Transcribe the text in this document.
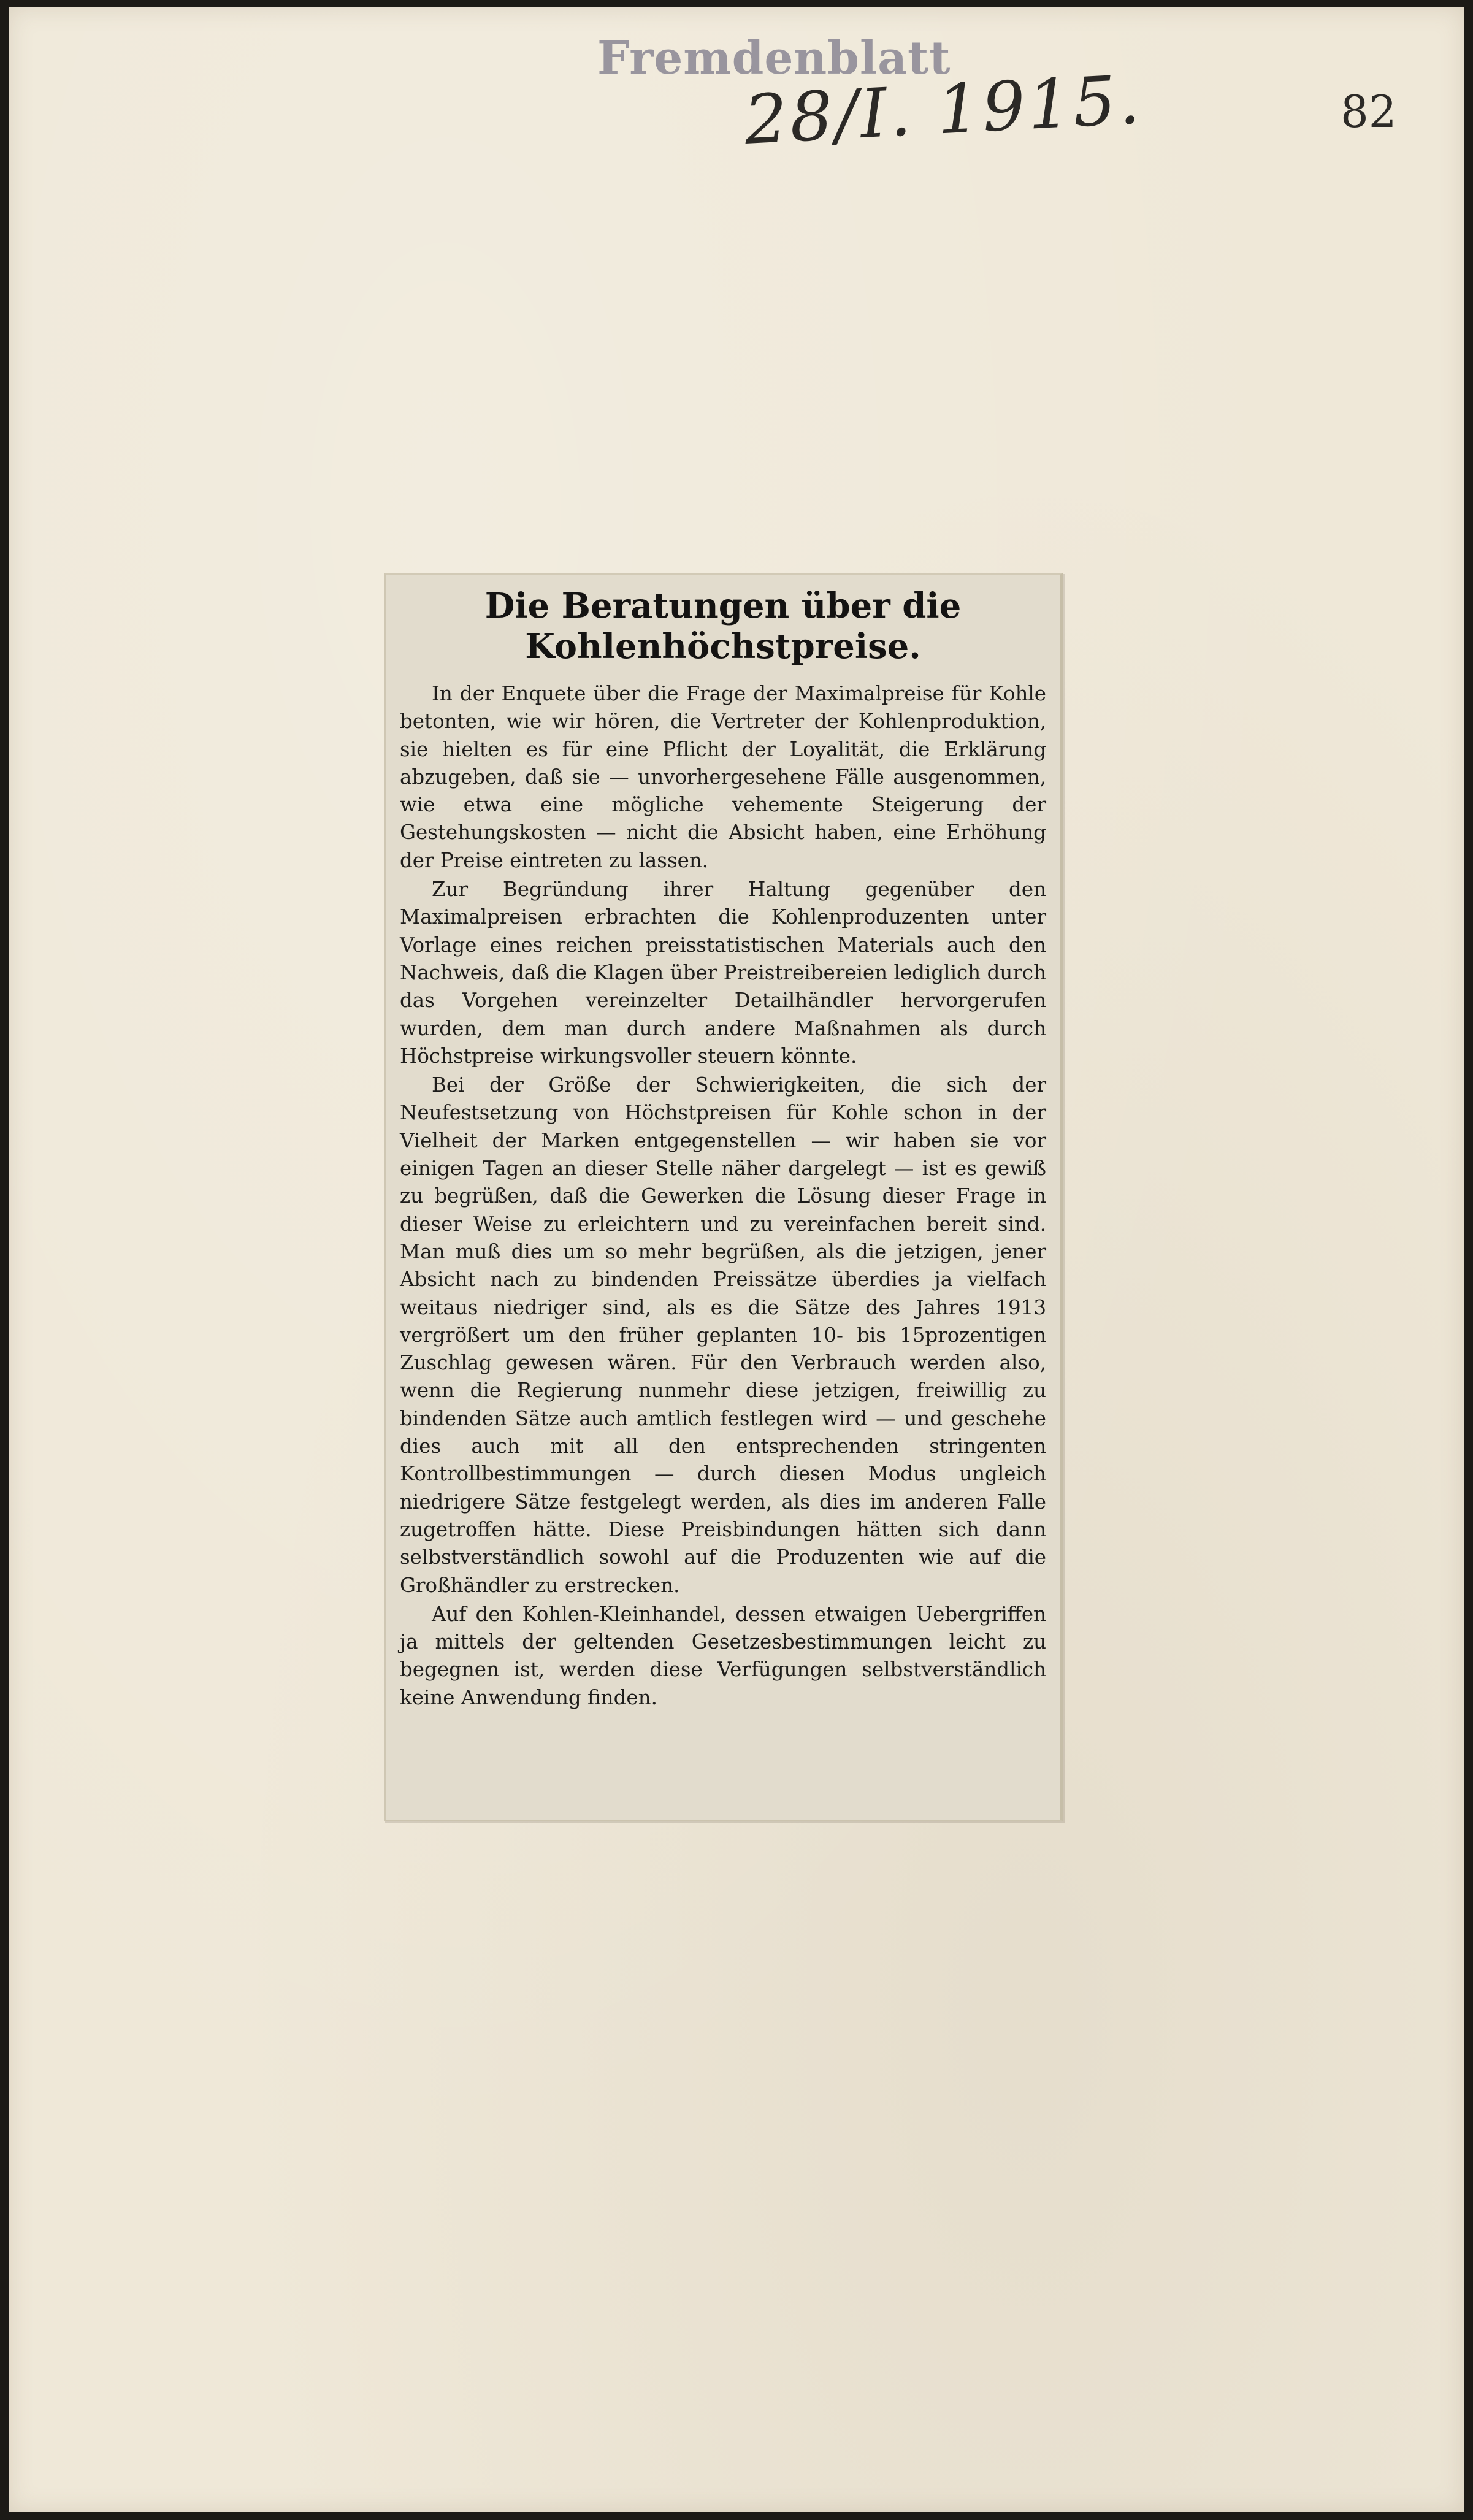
Fremdenblatt
28/I. 1915.	82
Die Beratungen über die Kohlenhöchstpreise.

In der Enquete über die Frage der Maximalpreise für Kohle betonten, wie wir hören, die Vertreter der Kohlenproduktion, sie hielten es für eine Pflicht der Loyalität, die Erklärung abzugeben, daß sie — unvorhergesehene Fälle ausgenommen, wie etwa eine mögliche vehemente Steigerung der Gestehungskosten — nicht die Absicht haben, eine Erhöhung der Preise eintreten zu lassen.

Zur Begründung ihrer Haltung gegenüber den Maximalpreisen erbrachten die Kohlenproduzenten unter Vorlage eines reichen preisstatistischen Materials auch den Nachweis, daß die Klagen über Preistreibereien lediglich durch das Vorgehen vereinzelter Detailhändler hervorgerufen wurden, dem man durch andere Maßnahmen als durch Höchstpreise wirkungsvoller steuern könnte.

Bei der Größe der Schwierigkeiten, die sich der Neufestsetzung von Höchstpreisen für Kohle schon in der Vielheit der Marken entgegenstellen — wir haben sie vor einigen Tagen an dieser Stelle näher dargelegt — ist es gewiß zu begrüßen, daß die Gewerken die Lösung dieser Frage in dieser Weise zu erleichtern und zu vereinfachen bereit sind. Man muß dies um so mehr begrüßen, als die jetzigen, jener Absicht nach zu bindenden Preissätze überdies ja vielfach weitaus niedriger sind, als es die Sätze des Jahres 1913 vergrößert um den früher geplanten 10- bis 15prozentigen Zuschlag gewesen wären. Für den Verbrauch werden also, wenn die Regierung nunmehr diese jetzigen, freiwillig zu bindenden Sätze auch amtlich festlegen wird — und geschehe dies auch mit all den entsprechenden stringenten Kontrollbestimmungen — durch diesen Modus ungleich niedrigere Sätze festgelegt werden, als dies im anderen Falle zugetroffen hätte. Diese Preisbindungen hätten sich dann selbstverständlich sowohl auf die Produzenten wie auf die Großhändler zu erstrecken.

Auf den Kohlen-Kleinhandel, dessen etwaigen Uebergriffen ja mittels der geltenden Gesetzesbestimmungen leicht zu begegnen ist, werden diese Verfügungen selbstverständlich keine Anwendung finden.
